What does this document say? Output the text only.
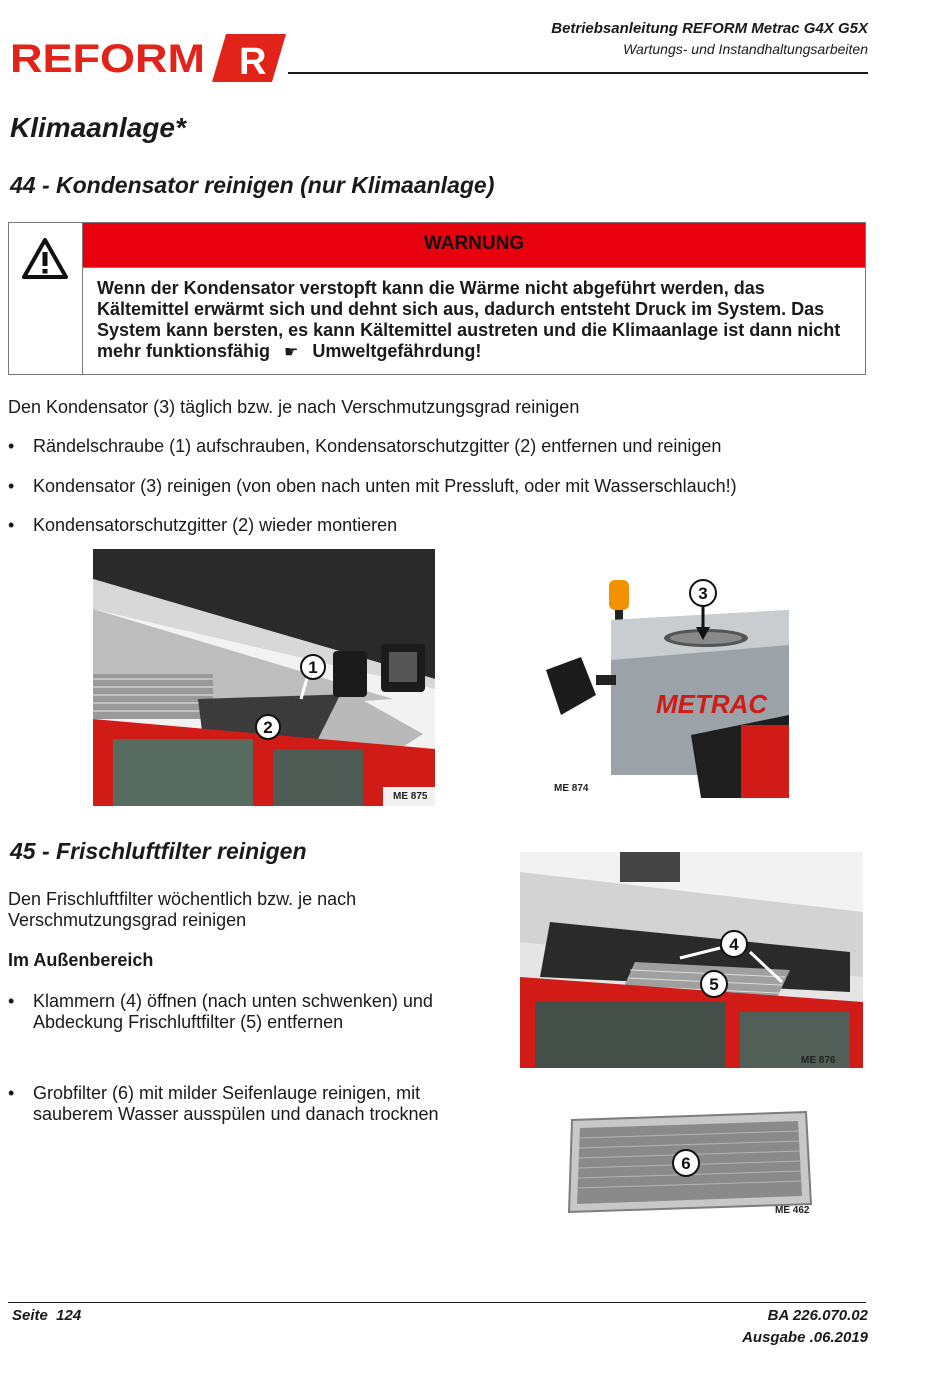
REFORM R
Betriebsanleitung REFORM Metrac G4X G5X
Wartungs- und Instandhaltungsarbeiten
Klimaanlage*
44 - Kondensator reinigen (nur Klimaanlage)
WARNUNG
Wenn der Kondensator verstopft kann die Wärme nicht abgeführt werden, das Kältemittel erwärmt sich und dehnt sich aus, dadurch entsteht Druck im System. Das System kann bersten, es kann Kältemittel austreten und die Klimaanlage ist dann nicht mehr funktionsfähig ☛ Umweltgefährdung!
Den Kondensator (3) täglich bzw. je nach Verschmutzungsgrad reinigen
• Rändelschraube (1) aufschrauben, Kondensatorschutzgitter (2) entfernen und reinigen
• Kondensator (3) reinigen (von oben nach unten mit Pressluft, oder mit Wasserschlauch!)
• Kondensatorschutzgitter (2) wieder montieren
1
2
ME 875
METRAC
3
ME 874
45 - Frischluftfilter reinigen
Den Frischluftfilter wöchentlich bzw. je nach
Verschmutzungsgrad reinigen
Im Außenbereich
• Klammern (4) öffnen (nach unten schwenken) und
Abdeckung Frischluftfilter (5) entfernen
• Grobfilter (6) mit milder Seifenlauge reinigen, mit
sauberem Wasser ausspülen und danach trocknen
4
5
ME 876
6
ME 462
Seite  124	BA 226.070.02
Ausgabe .06.2019
